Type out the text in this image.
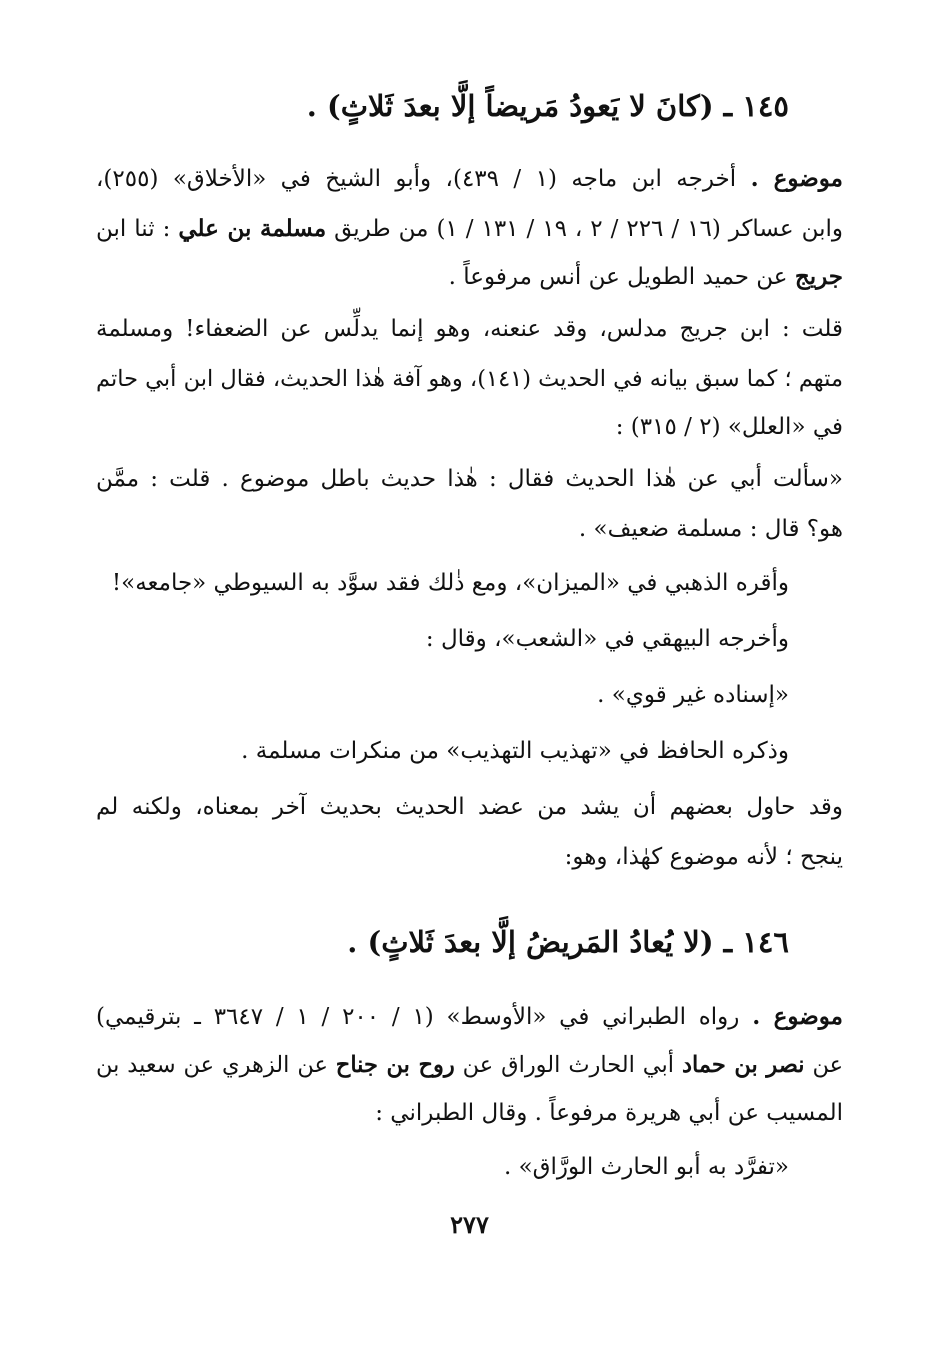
١٤٥ ـ (كانَ لا يَعودُ مَريضاً إلَّا بعدَ ثَلاثٍ) .
موضوع . أخرجه ابن ماجه (١ / ٤٣٩)، وأبو الشيخ في «الأخلاق» (٢٥٥)،
وابن عساكر (١٦ / ٢٢٦ / ٢ ، ١٩ / ١٣١ / ١) من طريق مسلمة بن علي : ثنا ابن
جريج عن حميد الطويل عن أنس مرفوعاً .
قلت : ابن جريج مدلس، وقد عنعنه، وهو إنما يدلِّس عن الضعفاء! ومسلمة
متهم ؛ كما سبق بيانه في الحديث (١٤١)، وهو آفة هٰذا الحديث، فقال ابن أبي حاتم
في «العلل» (٢ / ٣١٥) :
«سألت أبي عن هٰذا الحديث فقال : هٰذا حديث باطل موضوع . قلت : ممَّن
هو؟ قال : مسلمة ضعيف» .
وأقره الذهبي في «الميزان»، ومع ذٰلك فقد سوَّد به السيوطي «جامعه»!
وأخرجه البيهقي في «الشعب»، وقال :
«إسناده غير قوي» .
وذكره الحافظ في «تهذيب التهذيب» من منكرات مسلمة .
وقد حاول بعضهم أن يشد من عضد الحديث بحديث آخر بمعناه، ولكنه لم
ينجح ؛ لأنه موضوع كهٰذا، وهو:
١٤٦ ـ (لا يُعادُ المَريضُ إلَّا بعدَ ثَلاثٍ) .
موضوع . رواه الطبراني في «الأوسط» (١ / ٢٠٠ / ١ / ٣٦٤٧ ـ بترقيمي)
عن نصر بن حماد أبي الحارث الوراق عن روح بن جناح عن الزهري عن سعيد بن
المسيب عن أبي هريرة مرفوعاً . وقال الطبراني :
«تفرَّد به أبو الحارث الورَّاق» .
٢٧٧
